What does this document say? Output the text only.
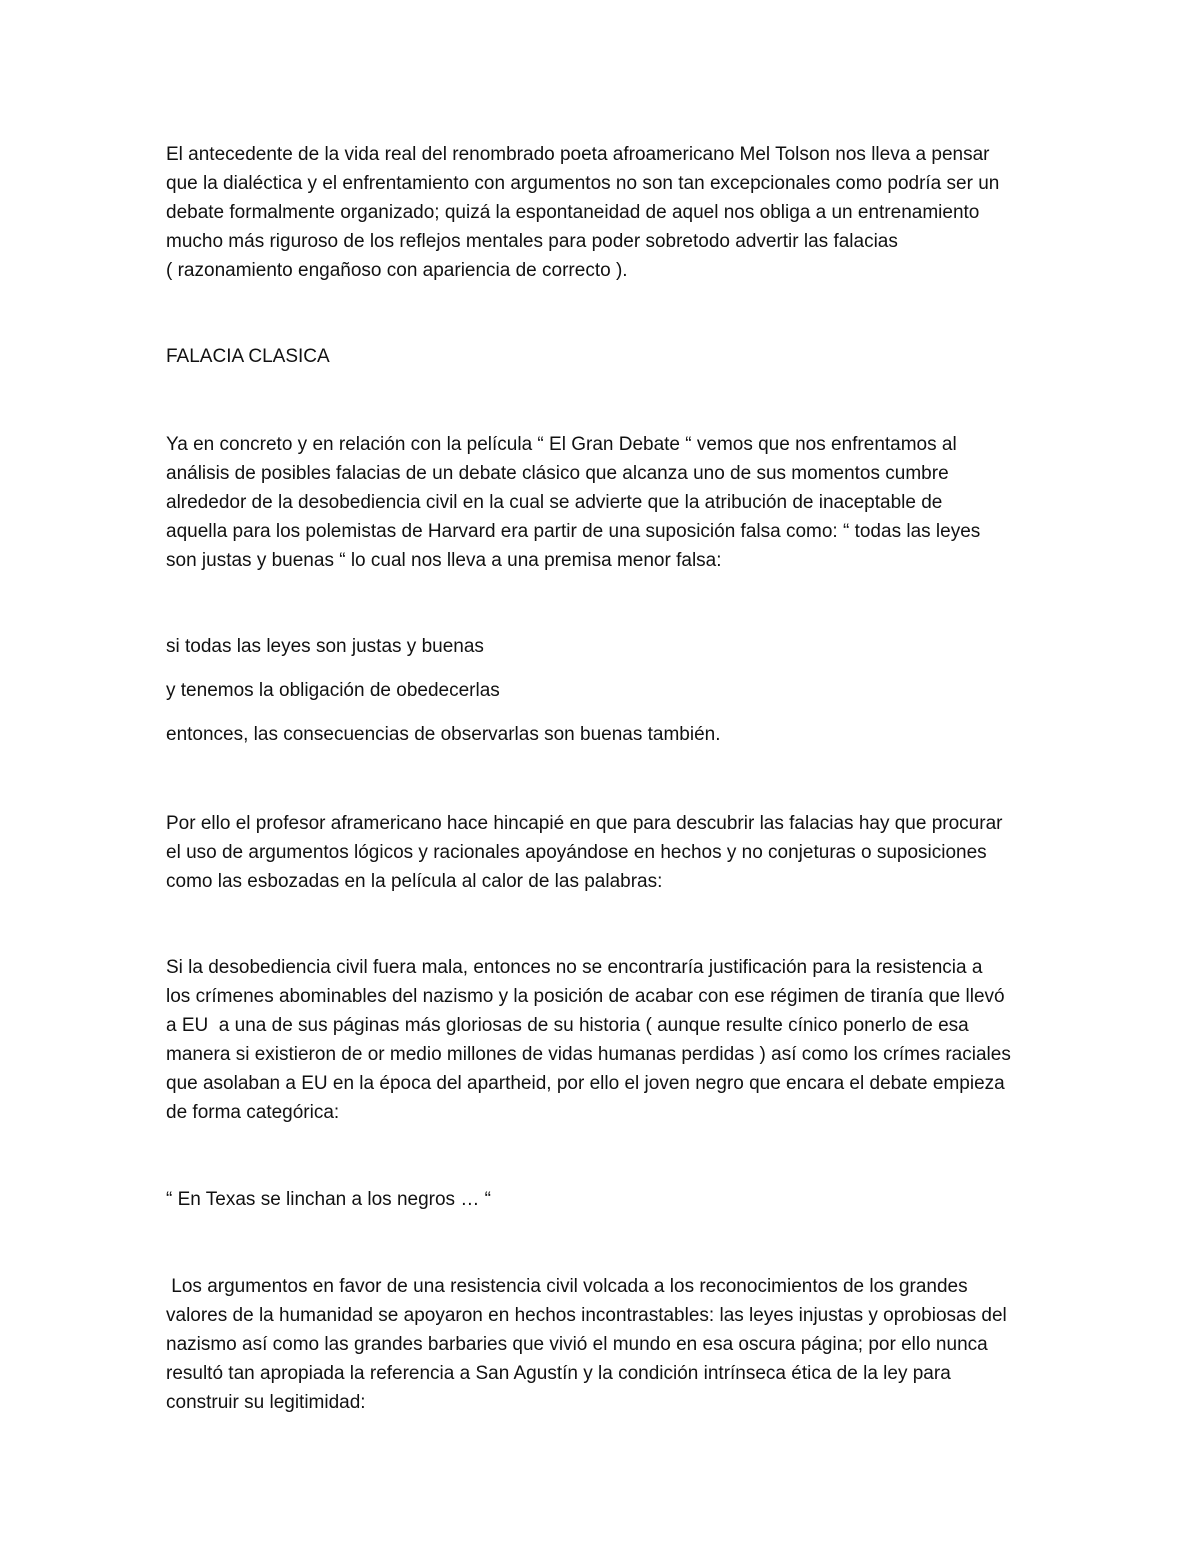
El antecedente de la vida real del renombrado poeta afroamericano Mel Tolson nos lleva a pensar
que la dialéctica y el enfrentamiento con argumentos no son tan excepcionales como podría ser un
debate formalmente organizado; quizá la espontaneidad de aquel nos obliga a un entrenamiento
mucho más riguroso de los reflejos mentales para poder sobretodo advertir las falacias
( razonamiento engañoso con apariencia de correcto ).
FALACIA CLASICA
Ya en concreto y en relación con la película “ El Gran Debate “ vemos que nos enfrentamos al
análisis de posibles falacias de un debate clásico que alcanza uno de sus momentos cumbre
alrededor de la desobediencia civil en la cual se advierte que la atribución de inaceptable de
aquella para los polemistas de Harvard era partir de una suposición falsa como: “ todas las leyes
son justas y buenas “ lo cual nos lleva a una premisa menor falsa:
si todas las leyes son justas y buenas
y tenemos la obligación de obedecerlas
entonces, las consecuencias de observarlas son buenas también.
Por ello el profesor aframericano hace hincapié en que para descubrir las falacias hay que procurar
el uso de argumentos lógicos y racionales apoyándose en hechos y no conjeturas o suposiciones
como las esbozadas en la película al calor de las palabras:
Si la desobediencia civil fuera mala, entonces no se encontraría justificación para la resistencia a
los crímenes abominables del nazismo y la posición de acabar con ese régimen de tiranía que llevó
a EU  a una de sus páginas más gloriosas de su historia ( aunque resulte cínico ponerlo de esa
manera si existieron de or medio millones de vidas humanas perdidas ) así como los crímes raciales
que asolaban a EU en la época del apartheid, por ello el joven negro que encara el debate empieza
de forma categórica:
“ En Texas se linchan a los negros … “
Los argumentos en favor de una resistencia civil volcada a los reconocimientos de los grandes
valores de la humanidad se apoyaron en hechos incontrastables: las leyes injustas y oprobiosas del
nazismo así como las grandes barbaries que vivió el mundo en esa oscura página; por ello nunca
resultó tan apropiada la referencia a San Agustín y la condición intrínseca ética de la ley para
construir su legitimidad:
